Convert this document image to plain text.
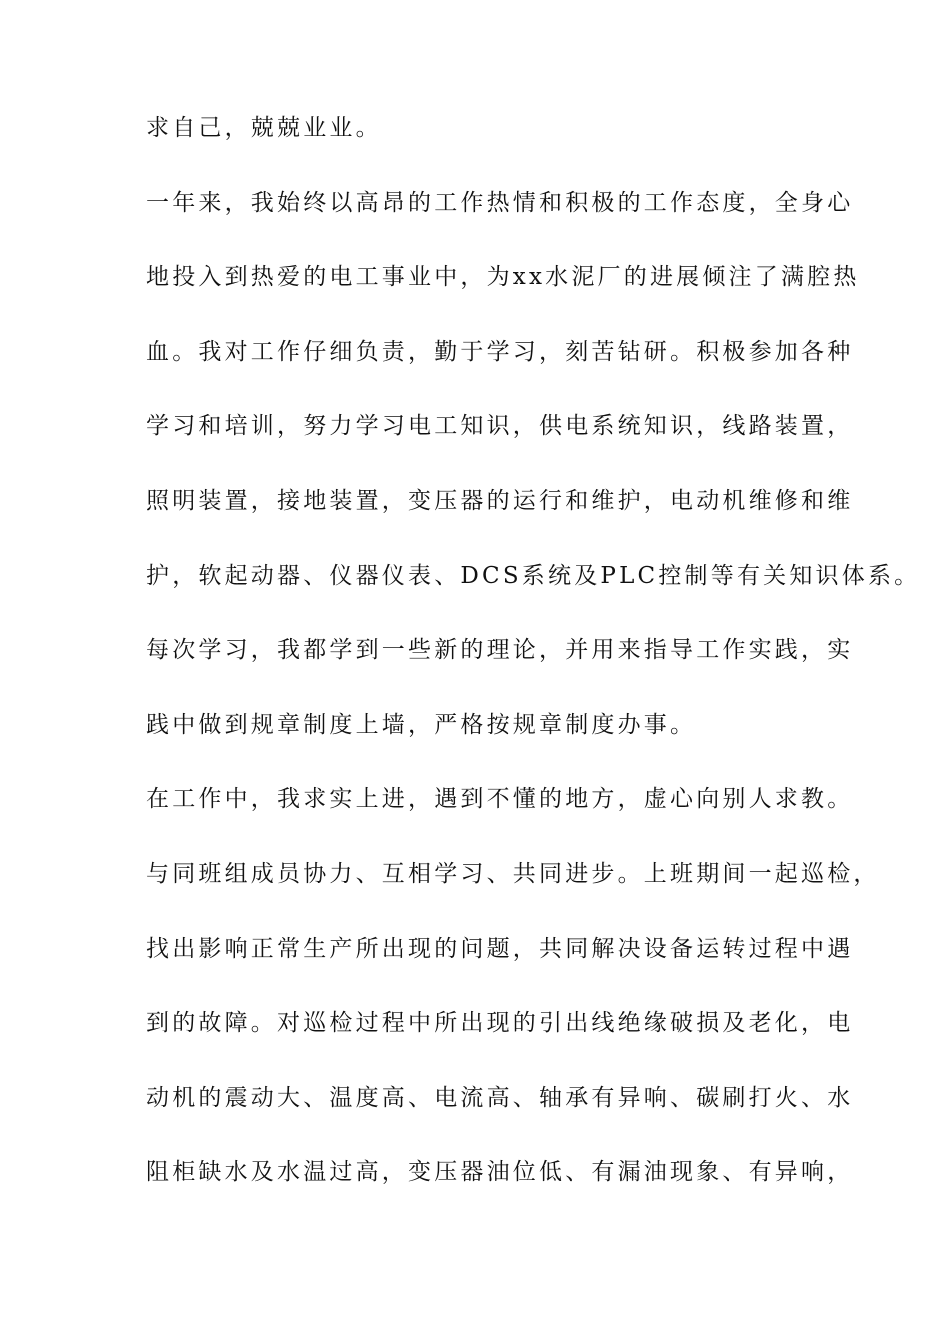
求自己，兢兢业业。
一年来，我始终以高昂的工作热情和积极的工作态度，全身心
地投入到热爱的电工事业中，为xx水泥厂的进展倾注了满腔热
血。我对工作仔细负责，勤于学习，刻苦钻研。积极参加各种
学习和培训，努力学习电工知识，供电系统知识，线路装置，
照明装置，接地装置，变压器的运行和维护，电动机维修和维
护，软起动器、仪器仪表、DCS系统及PLC控制等有关知识体系。
每次学习，我都学到一些新的理论，并用来指导工作实践，实
践中做到规章制度上墙，严格按规章制度办事。
在工作中，我求实上进，遇到不懂的地方，虚心向别人求教。
与同班组成员协力、互相学习、共同进步。上班期间一起巡检，
找出影响正常生产所出现的问题，共同解决设备运转过程中遇
到的故障。对巡检过程中所出现的引出线绝缘破损及老化，电
动机的震动大、温度高、电流高、轴承有异响、碳刷打火、水
阻柜缺水及水温过高，变压器油位低、有漏油现象、有异响，
